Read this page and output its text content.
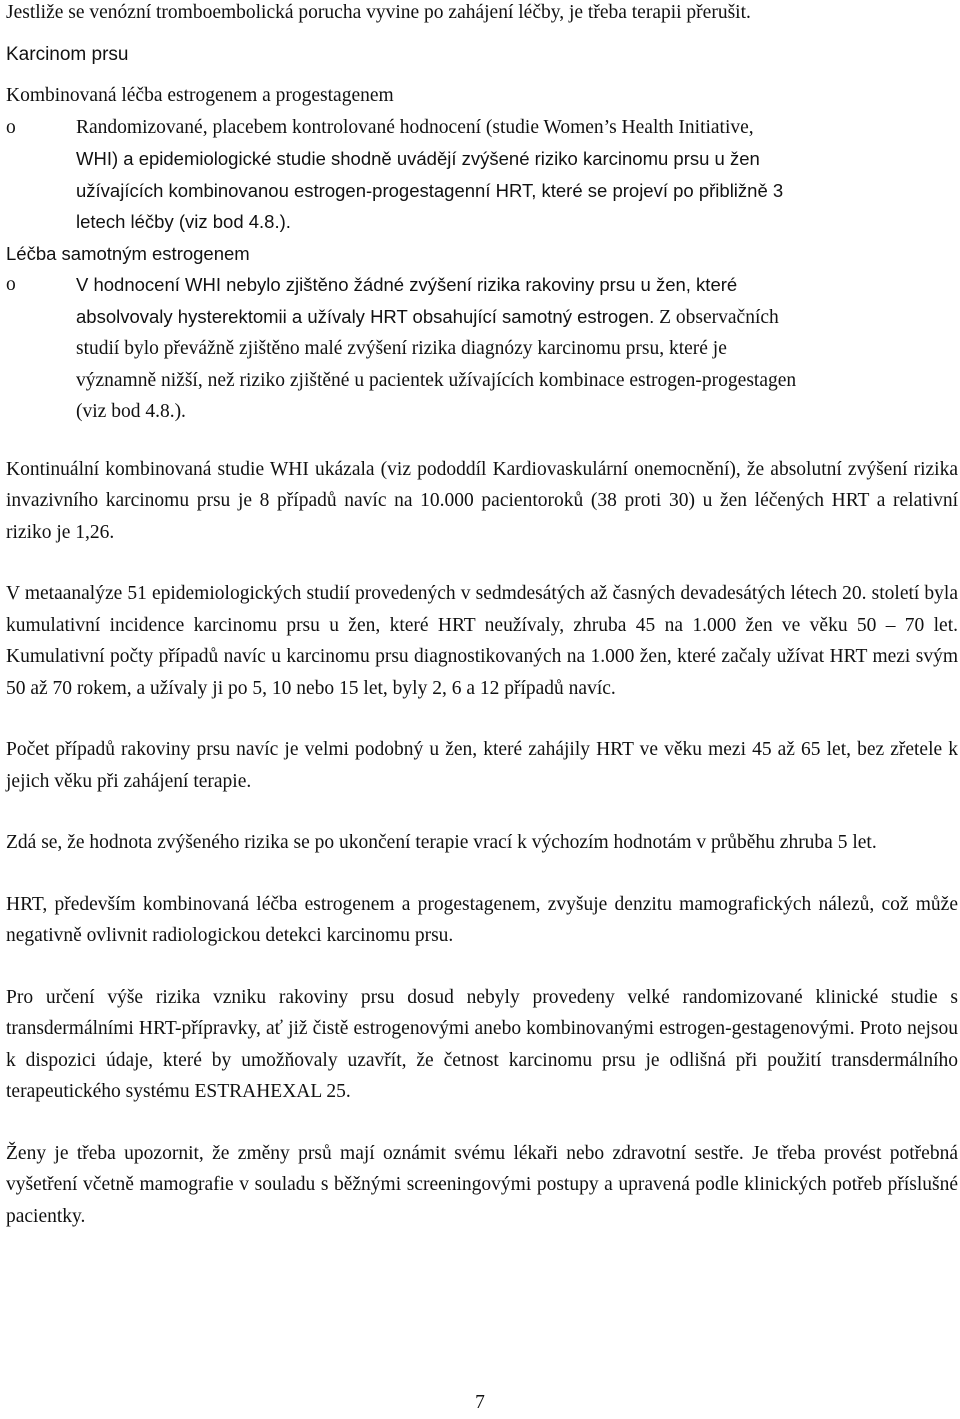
Jestliže se venózní tromboembolická porucha vyvine po zahájení léčby, je třeba terapii přerušit.

Karcinom prsu

Kombinovaná léčba estrogenem a progestagenem

o	Randomizované, placebem kontrolované hodnocení (studie Women’s Health Initiative,

WHI) a epidemiologické studie shodně uvádějí zvýšené riziko karcinomu prsu u žen

užívajících kombinovanou estrogen-progestagenní HRT, které se projeví po přibližně 3

letech léčby (viz bod 4.8.).

Léčba samotným estrogenem

o	V hodnocení WHI nebylo zjištěno žádné zvýšení rizika rakoviny prsu u žen, které

absolvovaly hysterektomii a užívaly HRT obsahující samotný estrogen. Z observačních

studií bylo převážně zjištěno malé zvýšení rizika diagnózy karcinomu prsu, které je

významně nižší, než riziko zjištěné u pacientek užívajících kombinace estrogen-progestagen

(viz bod 4.8.).

Kontinuální kombinovaná studie WHI ukázala (viz pododdíl Kardiovaskulární onemocnění), že absolutní zvýšení rizika invazivního karcinomu prsu je 8 případů navíc na 10.000 pacientoroků (38 proti 30) u žen léčených HRT a relativní riziko je 1,26.

V metaanalýze 51 epidemiologických studií provedených v sedmdesátých až časných devadesátých létech 20. století byla kumulativní incidence karcinomu prsu u žen, které HRT neužívaly, zhruba 45 na 1.000 žen ve věku 50 – 70 let. Kumulativní počty případů navíc u karcinomu prsu diagnostikovaných na 1.000 žen, které začaly užívat HRT mezi svým 50 až 70 rokem, a užívaly ji po 5, 10 nebo 15 let, byly 2, 6 a 12 případů navíc.

Počet případů rakoviny prsu navíc je velmi podobný u žen, které zahájily HRT ve věku mezi 45 až 65 let, bez zřetele k jejich věku při zahájení terapie.

Zdá se, že hodnota zvýšeného rizika se po ukončení terapie vrací k výchozím hodnotám v průběhu zhruba 5 let.

HRT, především kombinovaná léčba estrogenem a progestagenem, zvyšuje denzitu mamografických nálezů, což může negativně ovlivnit radiologickou detekci karcinomu prsu.

Pro určení výše rizika vzniku rakoviny prsu dosud nebyly provedeny velké randomizované klinické studie s transdermálními HRT-přípravky, ať již čistě estrogenovými anebo kombinovanými estrogen-gestagenovými. Proto nejsou k dispozici údaje, které by umožňovaly uzavřít, že četnost karcinomu prsu je odlišná při použití transdermálního terapeutického systému ESTRAHEXAL 25.

Ženy je třeba upozornit, že změny prsů mají oznámit svému lékaři nebo zdravotní sestře. Je třeba provést potřebná vyšetření včetně mamografie v souladu s běžnými screeningovými postupy a upravená podle klinických potřeb příslušné pacientky.

7
